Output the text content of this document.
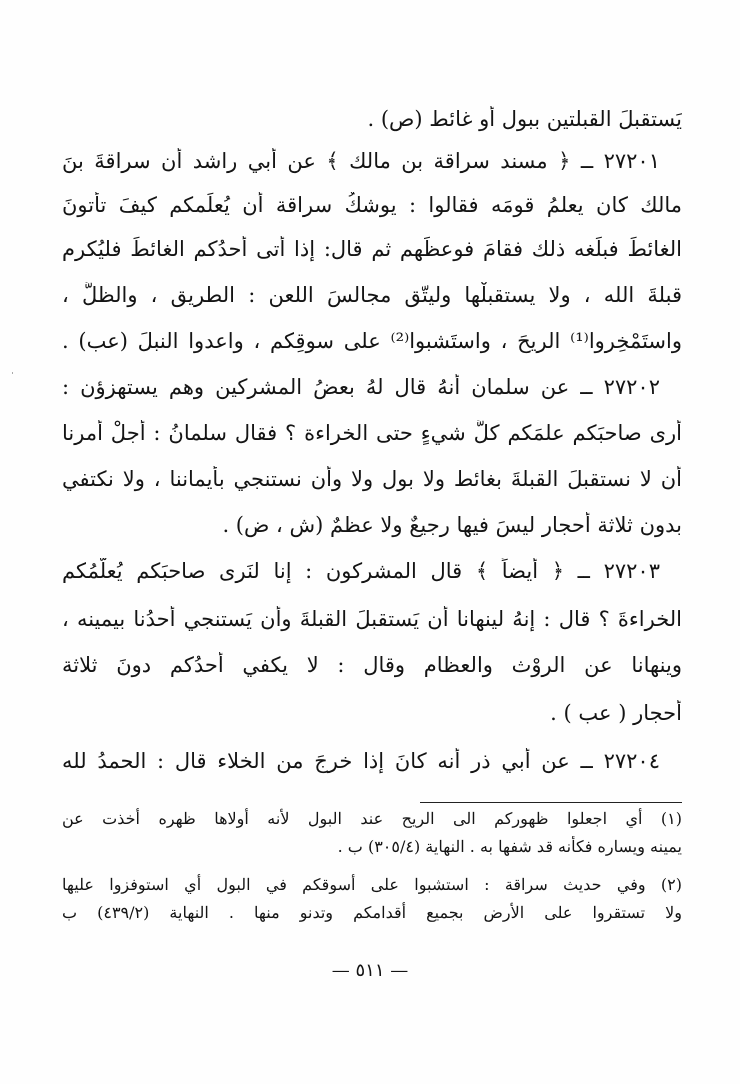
˙
يَستقبلَ القبلتين ببول أو غائط (ص) .
٢٧٢٠١ ــ ﴿ مسند سراقة بن مالك ﴾ عن أبي راشد أن سراقةَ بنَ
مالك كان يعلمُ قومَه فقالوا : يوشكُ سراقة أن يُعلِّمكم كيفَ تأتونَ
الغائطَ فبلَغه ذلك فقامَ فوعظَهم ثم قال: إذا أتى أحدُكم الغائطَ فليُكرم
قبلةَ الله ، ولا يستقبلْها وليتّقِ مجالسَ اللعن : الطريق ، والظلُّ ،
واستَمْخِروا⁽¹⁾ الريحَ ، واستَشبوا⁽²⁾ على سوقِكم ، واعدوا النبلَ (عب) .
٢٧٢٠٢ ــ عن سلمان أنهُ قال لهُ بعضُ المشركين وهم يستهزؤن :
أرى صاحبَكم علمَكم كلَّ شيءٍ حتى الخراءة ؟ فقال سلمانُ : أجلْ أمرنا
أن لا نستقبلَ القبلةَ بغائط ولا بول ولا وأن نستنجي بأيماننا ، ولا نكتفي
بدون ثلاثة أحجار ليسَ فيها رجيعٌ ولا عظمٌ (ش ، ض) .
٢٧٢٠٣ ــ ﴿ أيضاً ﴾ قال المشركون : إنا لنَرى صاحبَكم يُعلّمُكم
الخراءةَ ؟ قال : إنهُ لينهانا أن يَستقبلَ القبلةَ وأن يَستنجي أحدُنا بيمينه ،
وينهانا عن الروْث والعظام وقال : لا يكفي أحدُكم دونَ ثلاثة
أحجار ( عب ) .
٢٧٢٠٤ ــ عن أبي ذر أنه كانَ إذا خرجَ من الخلاء قال : الحمدُ لله
(١) أي اجعلوا ظهوركم الى الريح عند البول لأنه أولاها ظهره أخذت عن
يمينه ويساره فكأنه قد شفها به . النهاية (٣٠٥/٤) ب .
(٢) وفي حديث سراقة : استشبوا على أسوقكم في البول أي استوفزوا عليها
ولا تستقروا على الأرض بجميع أقدامكم وتدنو منها . النهاية (٤٣٩/٢) ب
— ٥١١ —
